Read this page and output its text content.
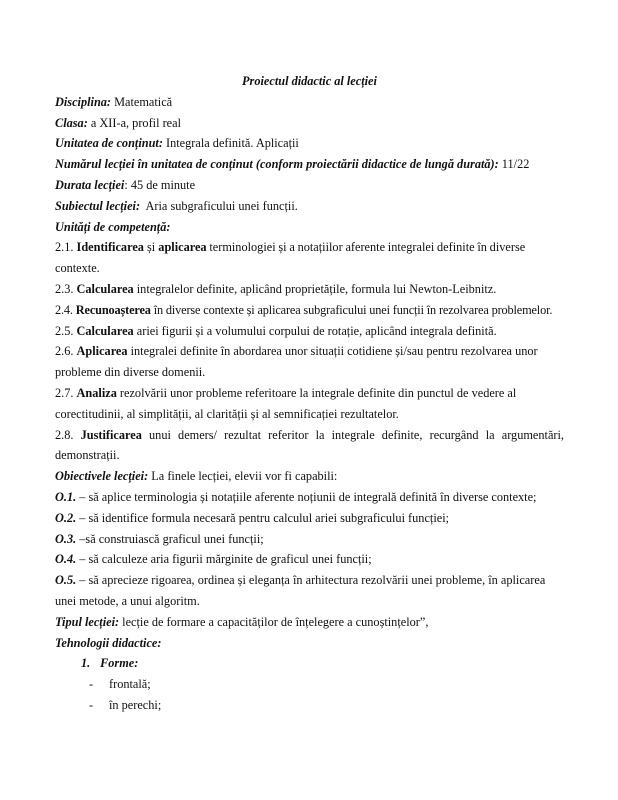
Proiectul didactic al lecției
Disciplina: Matematică
Clasa: a XII-a, profil real
Unitatea de conținut: Integrala definită. Aplicații
Numărul lecției în unitatea de conținut (conform proiectării didactice de lungă durată): 11/22
Durata lecției: 45 de minute
Subiectul lecției:  Aria subgraficului unei funcții.
Unități de competență:
2.1. Identificarea și aplicarea terminologiei și a notațiilor aferente integralei definite în diverse contexte.
2.3. Calcularea integralelor definite, aplicând proprietățile, formula lui Newton-Leibnitz.
2.4. Recunoașterea în diverse contexte și aplicarea subgraficului unei funcții în rezolvarea problemelor.
2.5. Calcularea ariei figurii și a volumului corpului de rotație, aplicând integrala definită.
2.6. Aplicarea integralei definite în abordarea unor situații cotidiene și/sau pentru rezolvarea unor probleme din diverse domenii.
2.7. Analiza rezolvării unor probleme referitoare la integrale definite din punctul de vedere al corectitudinii, al simplității, al clarității și al semnificației rezultatelor.
2.8. Justificarea unui demers/ rezultat referitor la integrale definite, recurgând la argumentări, demonstrații.
Obiectivele lecției: La finele lecției, elevii vor fi capabili:
O.1. – să aplice terminologia și notațiile aferente noțiunii de integrală definită în diverse contexte;
O.2. – să identifice formula necesară pentru calculul ariei subgraficului funcției;
O.3. –să construiască graficul unei funcții;
O.4. – să calculeze aria figurii mărginite de graficul unei funcții;
O.5. – să aprecieze rigoarea, ordinea și eleganța în arhitectura rezolvării unei probleme, în aplicarea unei metode, a unui algoritm.
Tipul lecției: lecție de formare a capacităților de înțelegere a cunoștințelor”,
Tehnologii didactice:
1. Forme:
- frontală;
- în perechi;
